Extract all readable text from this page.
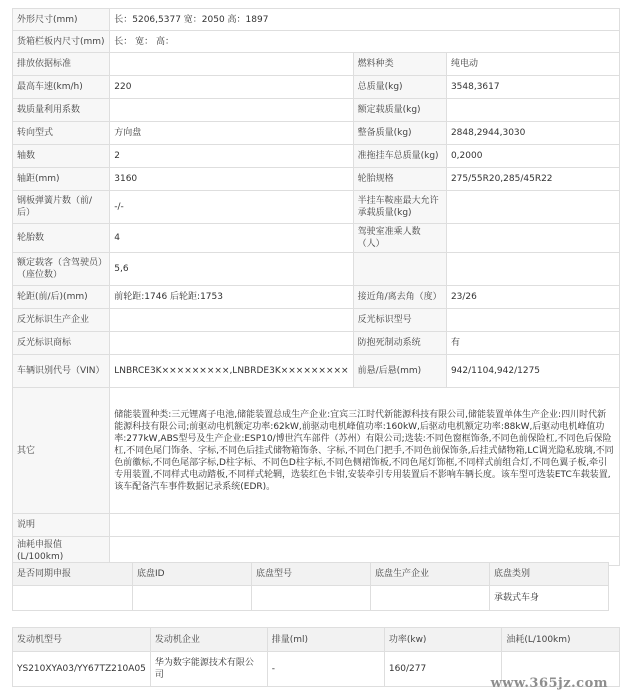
外形尺寸(mm)	长：5206,5377 宽：2050 高：1897		
货箱栏板内尺寸(mm)	长： 宽： 高：		
排放依据标准		燃料种类	纯电动
最高车速(km/h)	220	总质量(kg)	3548,3617
载质量利用系数		额定载质量(kg)	
转向型式	方向盘	整备质量(kg)	2848,2944,3030
轴数	2	准拖挂车总质量(kg)	0,2000
轴距(mm)	3160	轮胎规格	275/55R20,285/45R22
钢板弹簧片数（前/后）	-/-	半挂车鞍座最大允许承载质量(kg)	
轮胎数	4	驾驶室准乘人数（人）	
额定载客（含驾驶员）（座位数）	5,6		
轮距(前/后)(mm)	前轮距:1746 后轮距:1753	接近角/离去角（度）	23/26
反光标识生产企业		反光标识型号	
反光标识商标		防抱死制动系统	有
车辆识别代号（VIN）	LNBRCE3K×××××××××,LNBRDE3K×××××××××	前悬/后悬(mm)	942/1104,942/1275
其它	储能装置种类:三元锂离子电池,储能装置总成生产企业:宜宾三江时代新能源科技有限公司,储能装置单体生产企业:四川时代新能源科技有限公司;前驱动电机额定功率:62kW,前驱动电机峰值功率:160kW,后驱动电机额定功率:88kW,后驱动电机峰值功率:277kW,ABS型号及生产企业:ESP10/博世汽车部件（苏州）有限公司;选装:不同色窗框饰条,不同色前保险杠,不同色后保险杠,不同色尾门饰条、字标,不同色后挂式储物箱饰条、字标,不同色门把手,不同色前保饰条,后挂式储物箱,LC调光隐私玻璃,不同色前徽标,不同色尾部字标,D柱字标、不同色D柱字标,不同色侧裙饰板,不同色尾灯饰框,不同样式前组合灯,不同色翼子板,牵引专用装置,不同样式电动踏板,不同样式轮辋，选装红色卡钳,安装牵引专用装置后不影响车辆长度。该车型可选装ETC车载装置,该车配备汽车事件数据记录系统(EDR)。		
说明			
油耗申报值(L/100km)			
是否同期申报	底盘ID	底盘型号	底盘生产企业	底盘类别
				承载式车身
发动机型号	发动机企业	排量(ml)	功率(kw)	油耗(L/100km)
YS210XYA03/YY67TZ210A05	华为数字能源技术有限公司	-	160/277	
www.365jz.com
